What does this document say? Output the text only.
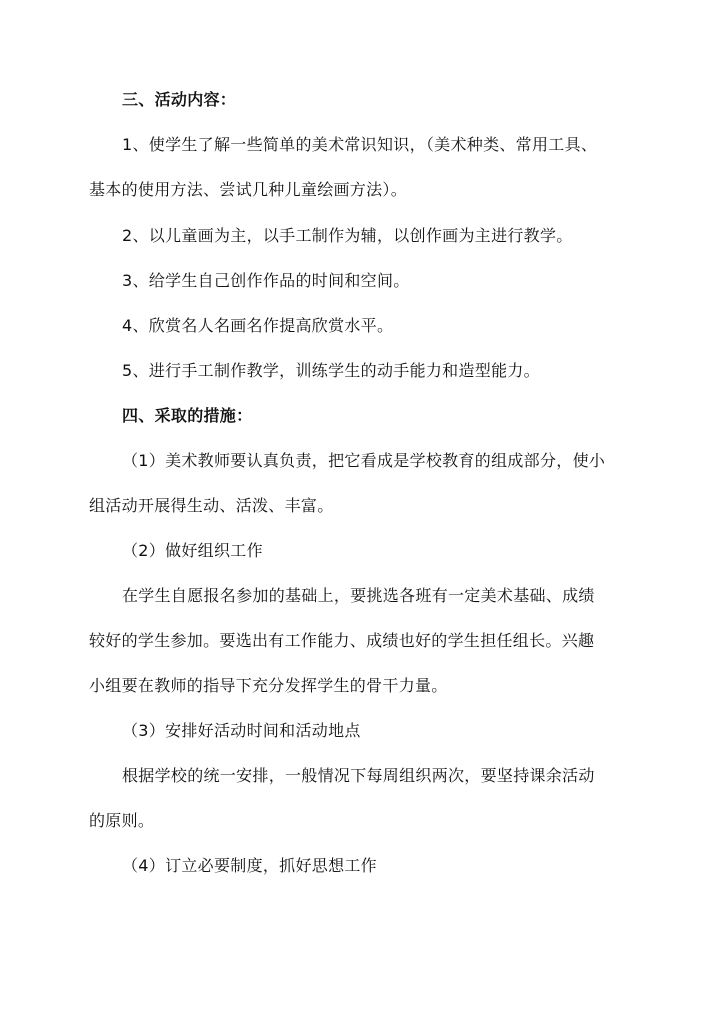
三、活动内容：
1、使学生了解一些简单的美术常识知识，（美术种类、常用工具、
基本的使用方法、尝试几种儿童绘画方法）。
2、以儿童画为主，以手工制作为辅，以创作画为主进行教学。
3、给学生自己创作作品的时间和空间。
4、欣赏名人名画名作提高欣赏水平。
5、进行手工制作教学，训练学生的动手能力和造型能力。
四、采取的措施：
（1）美术教师要认真负责，把它看成是学校教育的组成部分，使小
组活动开展得生动、活泼、丰富。
（2）做好组织工作
在学生自愿报名参加的基础上，要挑选各班有一定美术基础、成绩
较好的学生参加。要选出有工作能力、成绩也好的学生担任组长。兴趣
小组要在教师的指导下充分发挥学生的骨干力量。
（3）安排好活动时间和活动地点
根据学校的统一安排，一般情况下每周组织两次，要坚持课余活动
的原则。
（4）订立必要制度，抓好思想工作
